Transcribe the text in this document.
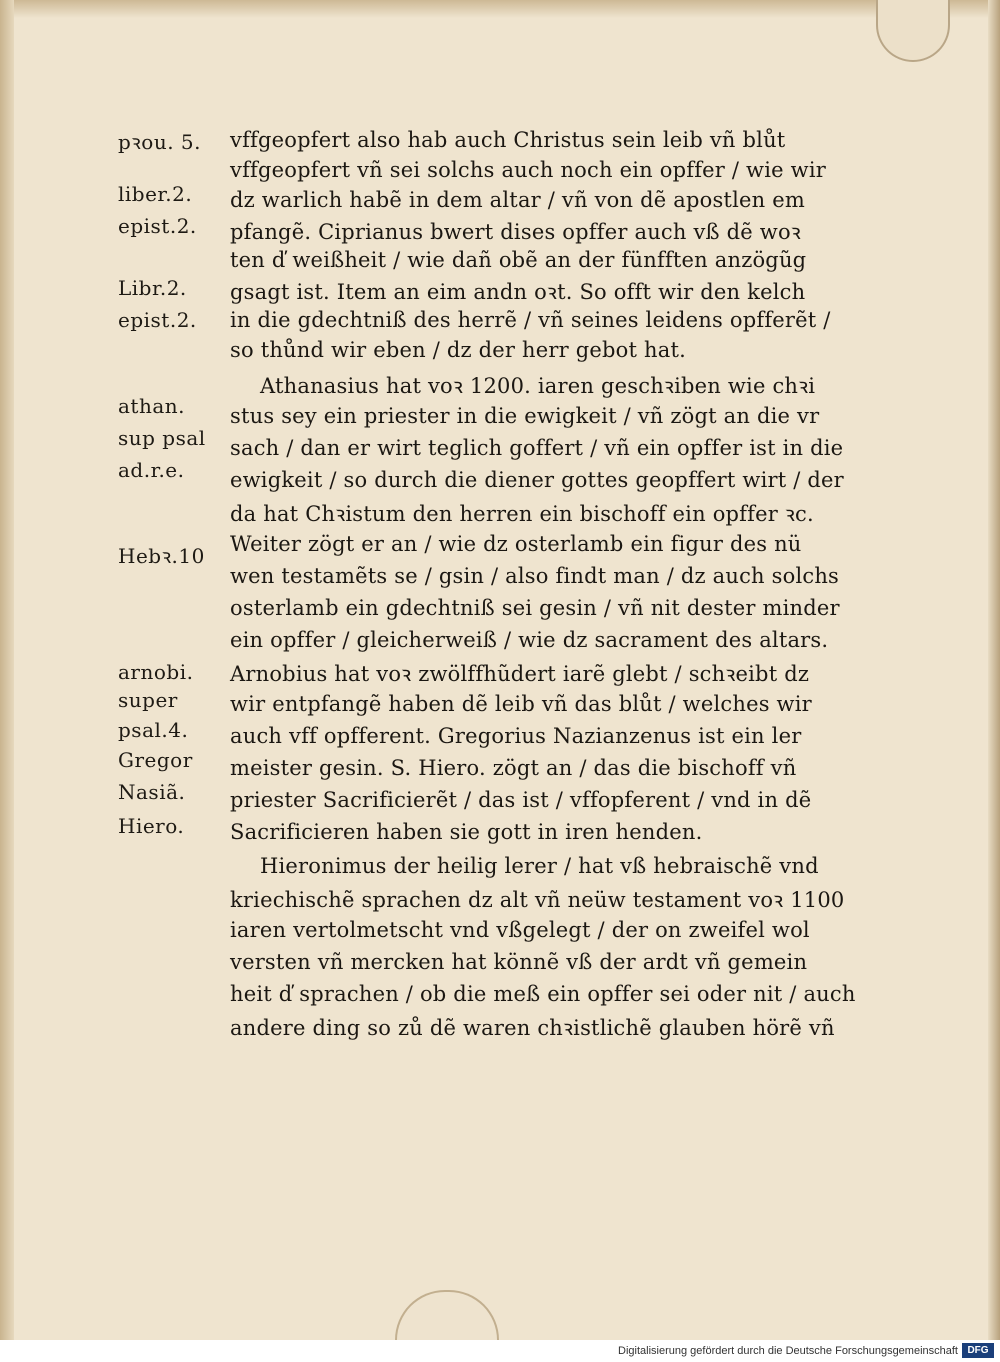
pꝛou. 5.
liber.2.
epist.2.
Libr.2.
epist.2.
athan.
sup psal
ad.r.e.
Hebꝛ.10
arnobi.
super
psal.4.
Gregor
Nasiã.
Hiero.
vffgeopfert also hab auch Christus sein leib vñ blůt
vffgeopfert vñ sei solchs auch noch ein opffer / wie wir
dz warlich habẽ in dem altar / vñ von dẽ apostlen em
pfangẽ. Ciprianus bwert dises opffer auch vß dẽ woꝛ
ten ď weißheit / wie dañ obẽ an der fünfften anzögũg
gsagt ist. Item an eim andn oꝛt. So offt wir den kelch
in die gdechtniß des herrẽ / vñ seines leidens opfferẽt /
so thůnd wir eben / dz der herr gebot hat.
Athanasius hat voꝛ 1200. iaren geschꝛiben wie chꝛi
stus sey ein priester in die ewigkeit / vñ zögt an die vr
sach / dan er wirt teglich goffert / vñ ein opffer ist in die
ewigkeit / so durch die diener gottes geopffert wirt / der
da hat Chꝛistum den herren ein bischoff ein opffer ꝛc.
Weiter zögt er an / wie dz osterlamb ein figur des nü
wen testamẽts se / gsin / also findt man / dz auch solchs
osterlamb ein gdechtniß sei gesin / vñ nit dester minder
ein opffer / gleicherweiß / wie dz sacrament des altars.
Arnobius hat voꝛ zwölffhũdert iarẽ glebt / schꝛeibt dz
wir entpfangẽ haben dẽ leib vñ das blůt / welches wir
auch vff opfferent. Gregorius Nazianzenus ist ein ler
meister gesin. S. Hiero. zögt an / das die bischoff vñ
priester Sacrificierẽt / das ist / vffopferent / vnd in dẽ
Sacrificieren haben sie gott in iren henden.
Hieronimus der heilig lerer / hat vß hebraischẽ vnd
kriechischẽ sprachen dz alt vñ neüw testament voꝛ 1100
iaren vertolmetscht vnd vßgelegt / der on zweifel wol
versten vñ mercken hat könnẽ vß der ardt vñ gemein
heit ď sprachen / ob die meß ein opffer sei oder nit / auch
andere ding so zů dẽ waren chꝛistlichẽ glauben hörẽ vñ
Digitalisierung gefördert durch die Deutsche Forschungsgemeinschaft DFG
